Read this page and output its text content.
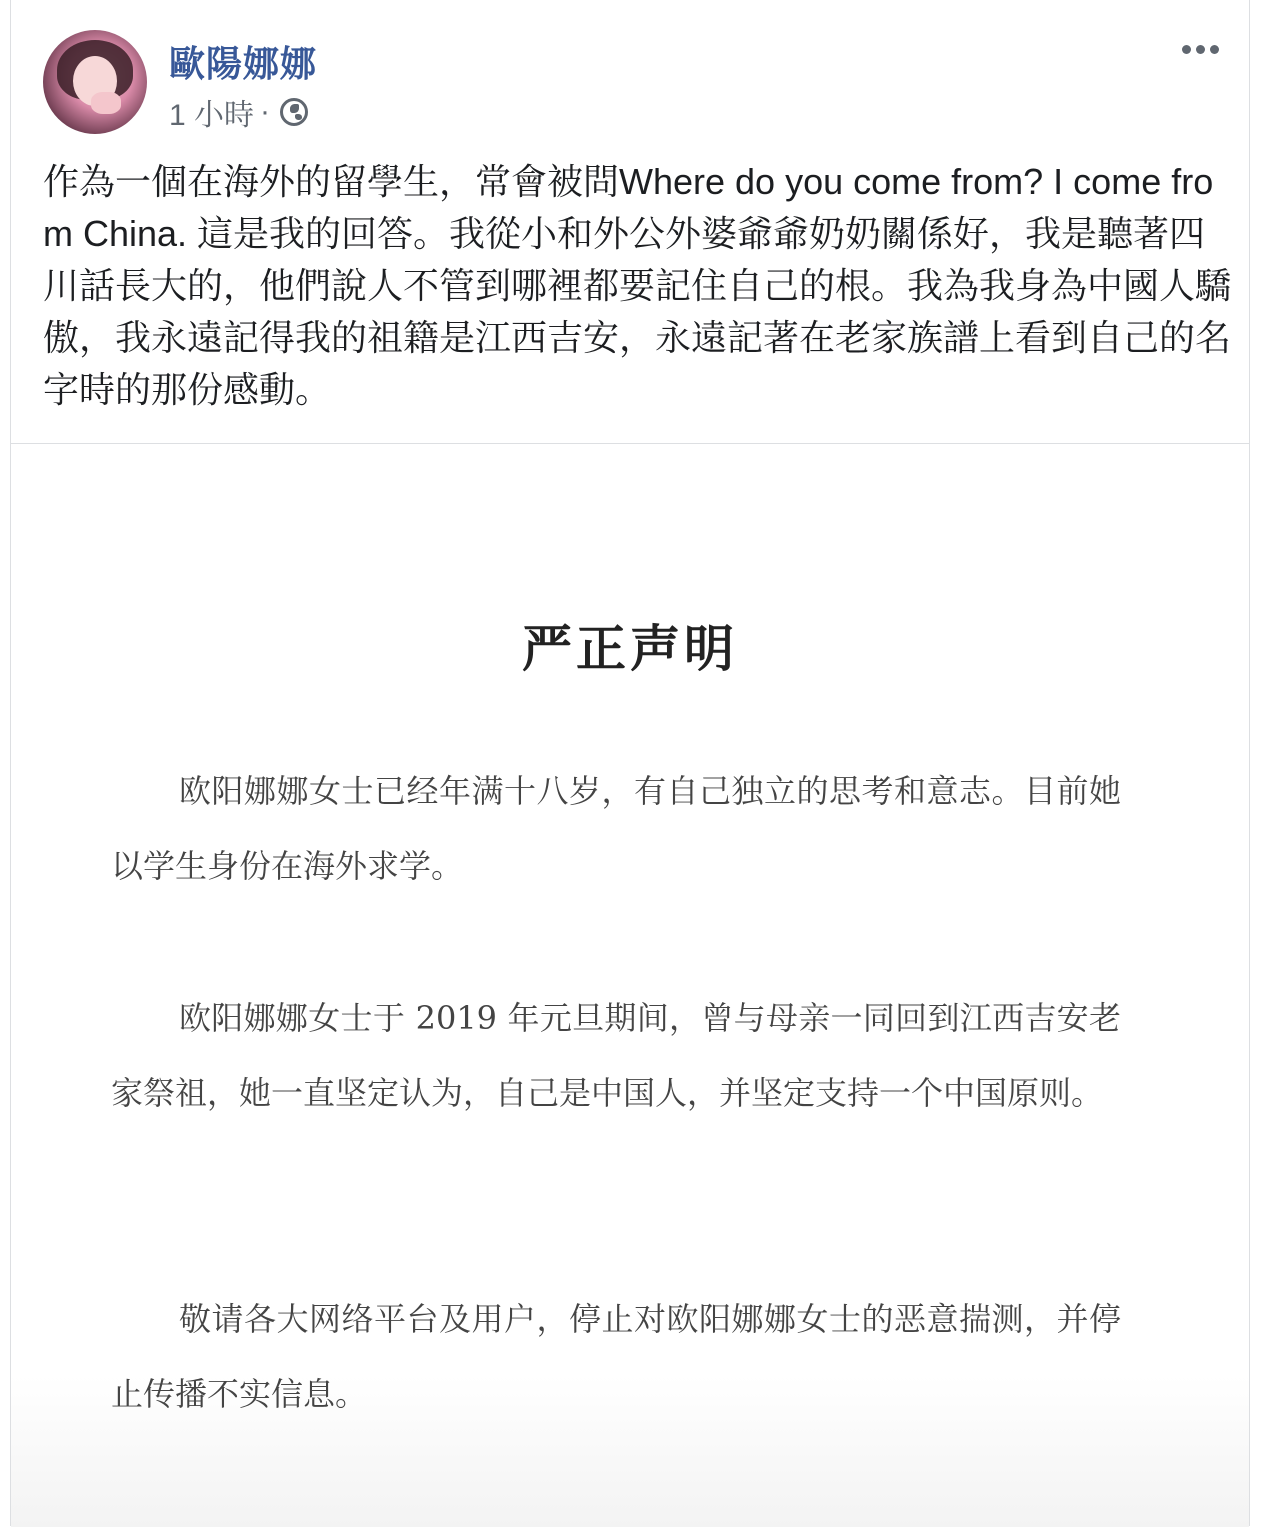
歐陽娜娜
1 小時 ·
作為一個在海外的留學生，常會被問Where do you come from? I come from China. 這是我的回答。我從小和外公外婆爺爺奶奶關係好，我是聽著四川話長大的，他們說人不管到哪裡都要記住自己的根。我為我身為中國人驕傲，我永遠記得我的祖籍是江西吉安，永遠記著在老家族譜上看到自己的名字時的那份感動。
严正声明
欧阳娜娜女士已经年满十八岁，有自己独立的思考和意志。目前她以学生身份在海外求学。
欧阳娜娜女士于 2019 年元旦期间，曾与母亲一同回到江西吉安老家祭祖，她一直坚定认为，自己是中国人，并坚定支持一个中国原则。
敬请各大网络平台及用户，停止对欧阳娜娜女士的恶意揣测，并停止传播不实信息。
